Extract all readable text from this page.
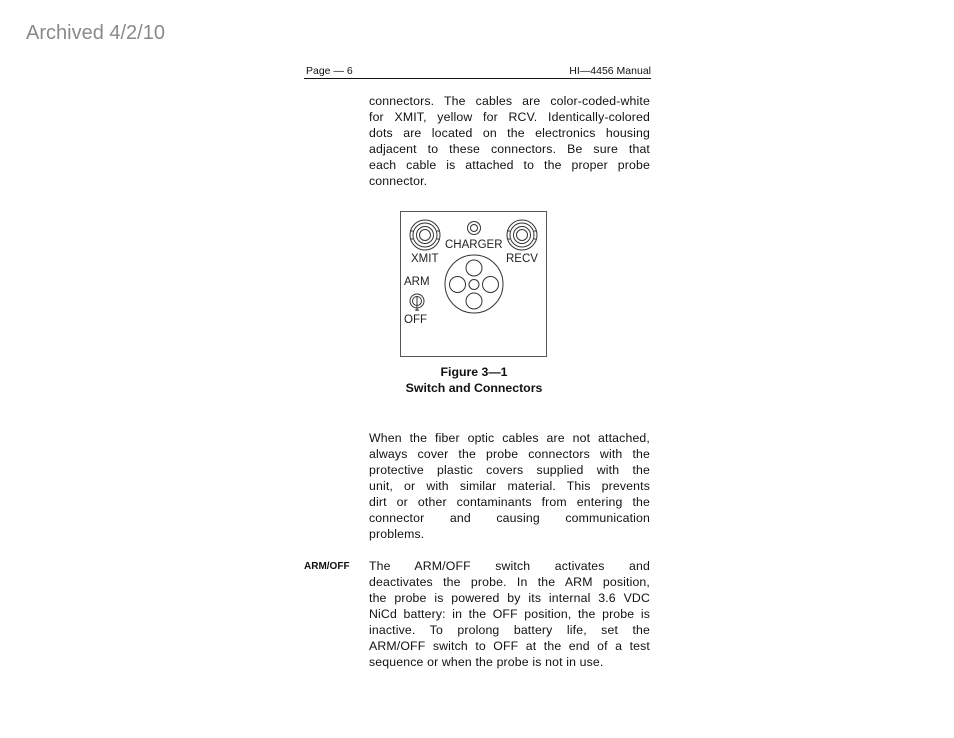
Archived 4/2/10
Page — 6	HI—4456 Manual
connectors. The cables are color-coded-white
for XMIT, yellow for RCV. Identically-colored
dots are located on the electronics housing
adjacent to these connectors. Be sure that
each cable is attached to the proper probe
connector.
CHARGER
XMIT	RECV
ARM
OFF
Figure 3—1
Switch and Connectors
When the fiber optic cables are not attached,
always cover the probe connectors with the
protective plastic covers supplied with the
unit, or with similar material. This prevents
dirt or other contaminants from entering the
connector and causing communication
problems.
ARM/OFF The ARM/OFF switch activates and
deactivates the probe. In the ARM position,
the probe is powered by its internal 3.6 VDC
NiCd battery: in the OFF position, the probe is
inactive. To prolong battery life, set the
ARM/OFF switch to OFF at the end of a test
sequence or when the probe is not in use.
